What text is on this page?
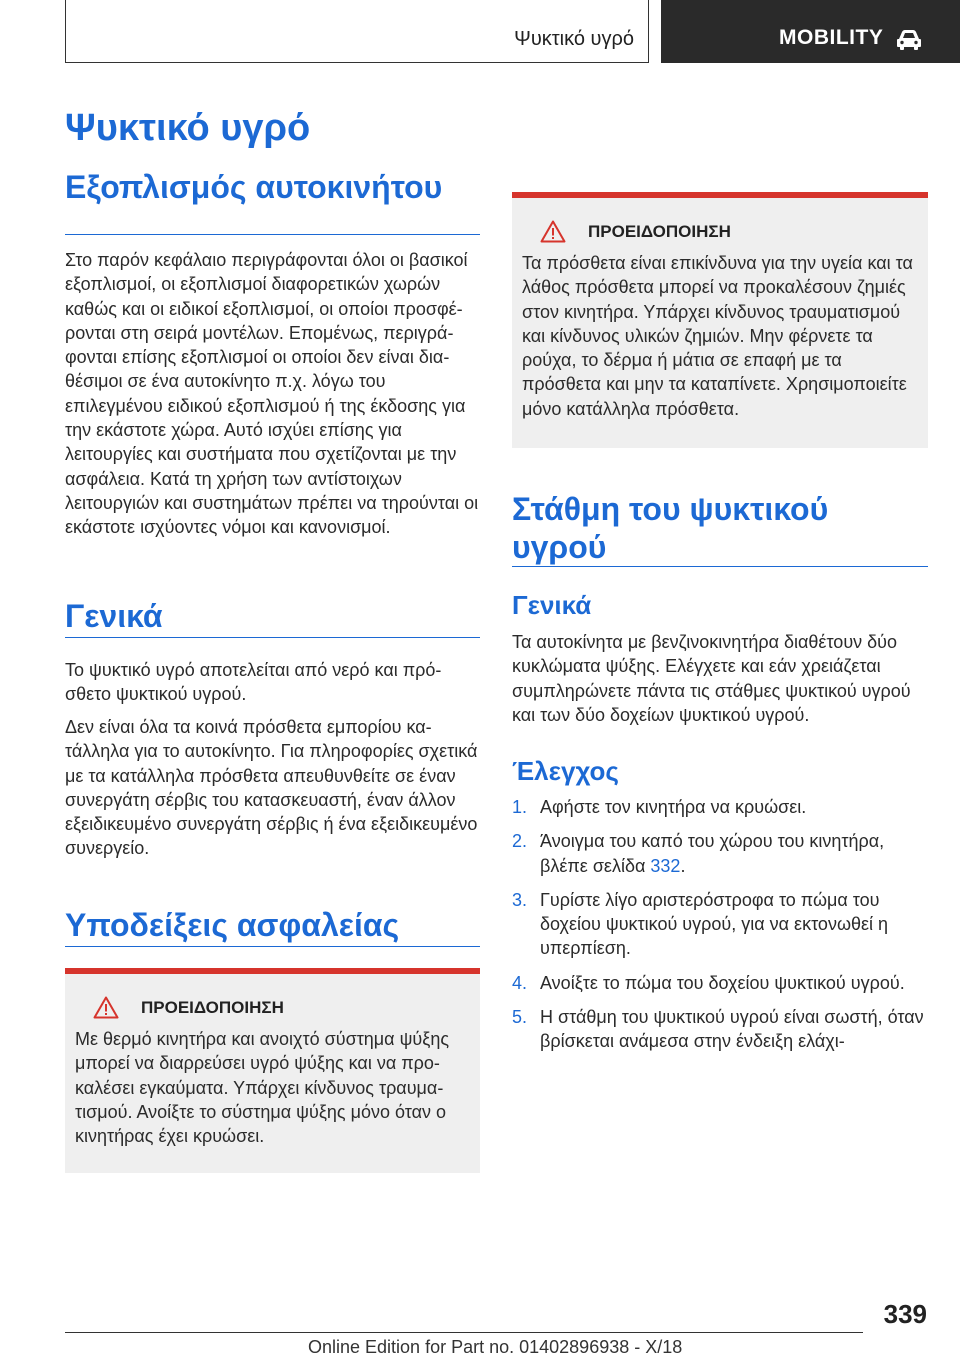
Ψυκτικό υγρό	MOBILITY
Ψυκτικό υγρό
Εξοπλισμός αυτοκινήτου

Στο παρόν κεφάλαιο περιγράφονται όλοι οι βασικοί εξοπλισμοί, οι εξοπλισμοί διαφορετικών χωρών καθώς και οι ειδικοί εξοπλισμοί, οι οποίοι προσφέρονται στη σειρά μοντέλων. Επομένως, περιγράφονται επίσης εξοπλισμοί οι οποίοι δεν είναι διαθέσιμοι σε ένα αυτοκίνητο π.χ. λόγω του επιλεγμένου ειδικού εξοπλισμού ή της έκδοσης για την εκάστοτε χώρα. Αυτό ισχύει επίσης για λειτουργίες και συστήματα που σχετίζονται με την ασφάλεια. Κατά τη χρήση των αντίστοιχων λειτουργιών και συστημάτων πρέπει να τηρούνται οι εκάστοτε ισχύοντες νόμοι και κανονισμοί.

Γενικά

Το ψυκτικό υγρό αποτελείται από νερό και πρόσθετο ψυκτικού υγρού.

Δεν είναι όλα τα κοινά πρόσθετα εμπορίου κατάλληλα για το αυτοκίνητο. Για πληροφορίες σχετικά με τα κατάλληλα πρόσθετα απευθυνθείτε σε έναν συνεργάτη σέρβις του κατασκευαστή, έναν άλλον εξειδικευμένο συνεργάτη σέρβις ή ένα εξειδικευμένο συνεργείο.

Υποδείξεις ασφαλείας
ΠΡΟΕΙΔΟΠΟΙΗΣΗ
Με θερμό κινητήρα και ανοιχτό σύστημα ψύξης μπορεί να διαρρεύσει υγρό ψύξης και να προκαλέσει εγκαύματα. Υπάρχει κίνδυνος τραυματισμού. Ανοίξτε το σύστημα ψύξης μόνο όταν ο κινητήρας έχει κρυώσει.
ΠΡΟΕΙΔΟΠΟΙΗΣΗ
Τα πρόσθετα είναι επικίνδυνα για την υγεία και τα λάθος πρόσθετα μπορεί να προκαλέσουν ζημιές στον κινητήρα. Υπάρχει κίνδυνος τραυματισμού και κίνδυνος υλικών ζημιών. Μην φέρνετε τα ρούχα, το δέρμα ή μάτια σε επαφή με τα πρόσθετα και μην τα καταπίνετε. Χρησιμοποιείτε μόνο κατάλληλα πρόσθετα.
Στάθμη του ψυκτικού υγρού
Γενικά

Τα αυτοκίνητα με βενζινοκινητήρα διαθέτουν δύο κυκλώματα ψύξης. Ελέγχετε και εάν χρειάζεται συμπληρώνετε πάντα τις στάθμες ψυκτικού υγρού και των δύο δοχείων ψυκτικού υγρού.

Έλεγχος
1. Αφήστε τον κινητήρα να κρυώσει.
2. Άνοιγμα του καπό του χώρου του κινητήρα, βλέπε σελίδα 332.
3. Γυρίστε λίγο αριστερόστροφα το πώμα του δοχείου ψυκτικού υγρού, για να εκτονωθεί η υπερπίεση.
4. Ανοίξτε το πώμα του δοχείου ψυκτικού υγρού.
5. Η στάθμη του ψυκτικού υγρού είναι σωστή, όταν βρίσκεται ανάμεσα στην ένδειξη ελάχι-
339
Online Edition for Part no. 01402896938 - X/18
